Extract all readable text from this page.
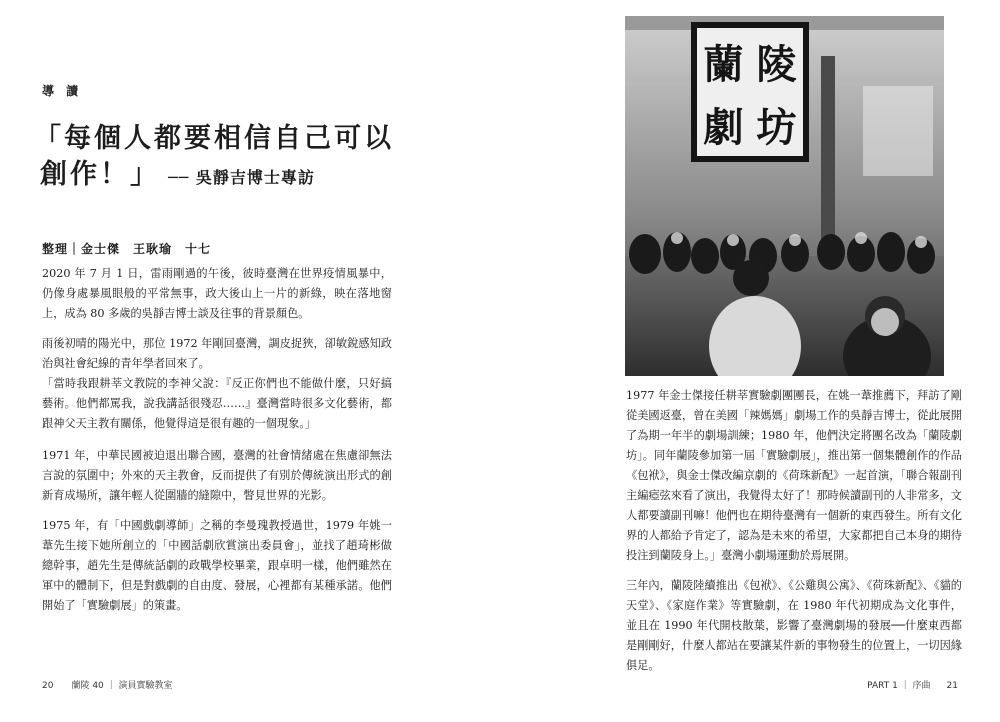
導 讀
「每個人都要相信自己可以
創作！」 ── 吳靜吉博士專訪
整理｜金士傑　王耿瑜　十七

2020 年 7 月 1 日，雷雨剛過的午後，彼時臺灣在世界疫情風暴中，仍像身處暴風眼般的平常無事，政大後山上一片的新綠，映在落地窗上，成為 80 多歲的吳靜吉博士談及往事的背景顏色。

雨後初晴的陽光中，那位 1972 年剛回臺灣，調皮捉狹，卻敏銳感知政治與社會紀線的青年學者回來了。

「當時我跟耕莘文教院的李神父說：『反正你們也不能做什麼，只好搞藝術。他們都罵我，說我講話很殘忍……』臺灣當時很多文化藝術，都跟神父天主教有關係，他覺得這是很有趣的一個現象。」

1971 年，中華民國被迫退出聯合國，臺灣的社會情緒處在焦慮卻無法言說的氛圍中；外來的天主教會，反而提供了有別於傳統演出形式的創新育成場所，讓年輕人從圍牆的縫隙中，瞥見世界的光影。

1975 年，有「中國戲劇導師」之稱的李曼瑰教授過世，1979 年姚一葦先生接下她所創立的「中國話劇欣賞演出委員會」，並找了趙琦彬做總幹事，趙先生是傳統話劇的政戰學校畢業，跟卓明一樣，他們雖然在軍中的體制下，但是對戲劇的自由度、發展，心裡都有某種承諾。他們開始了「實驗劇展」的策畫。

20 蘭陵 40 ｜ 演員實驗教室
蘭 陵
劇 坊

1977 年金士傑接任耕莘實驗劇團團長，在姚一葦推薦下，拜訪了剛從美國返臺，曾在美國「辣媽媽」劇場工作的吳靜吉博士，從此展開了為期一年半的劇場訓練；1980 年，他們決定將團名改為「蘭陵劇坊」。同年蘭陵參加第一屆「實驗劇展」，推出第一個集體創作的作品《包袱》，與金士傑改編京劇的《荷珠新配》一起首演，「聯合報副刊主編瘂弦來看了演出，我覺得太好了！那時候讀副刊的人非常多，文人都要讀副刊嘛！他們也在期待臺灣有一個新的東西發生。所有文化界的人都給予肯定了，認為是未來的希望，大家都把自己本身的期待投注到蘭陵身上。」臺灣小劇場運動於焉展開。

三年內，蘭陵陸續推出《包袱》、《公雞與公寓》、《荷珠新配》、《貓的天堂》、《家庭作業》等實驗劇，在 1980 年代初期成為文化事件，並且在 1990 年代開枝散葉，影響了臺灣劇場的發展──什麼東西都是剛剛好，什麼人都站在要讓某件新的事物發生的位置上，一切因緣俱足。

PART 1 ｜ 序曲 21
